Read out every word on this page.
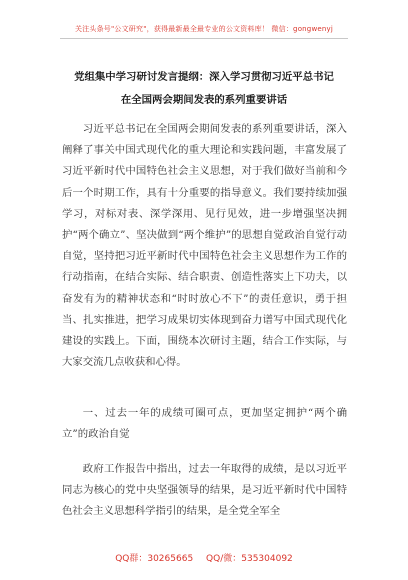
关注头条号"公文研究"，获得最新最全最专业的公文资料库！ 微信：gongwenyj
党组集中学习研讨发言提纲：深入学习贯彻习近平总书记
在全国两会期间发表的系列重要讲话

习近平总书记在全国两会期间发表的系列重要讲话，深入阐释了事关中国式现代化的重大理论和实践问题，丰富发展了习近平新时代中国特色社会主义思想，对于我们做好当前和今后一个时期工作，具有十分重要的指导意义。我们要持续加强学习，对标对表、深学深用、见行见效，进一步增强坚决拥护“两个确立”、坚决做到“两个维护”的思想自觉政治自觉行动自觉，坚持把习近平新时代中国特色社会主义思想作为工作的行动指南，在结合实际、结合职责、创造性落实上下功夫，以奋发有为的精神状态和“时时放心不下”的责任意识，勇于担当、扎实推进，把学习成果切实体现到奋力谱写中国式现代化建设的实践上。下面，围绕本次研讨主题，结合工作实际，与大家交流几点收获和心得。

一、过去一年的成绩可圈可点，更加坚定拥护“两个确立”的政治自觉

政府工作报告中指出，过去一年取得的成绩，是以习近平同志为核心的党中央坚强领导的结果，是习近平新时代中国特色社会主义思想科学指引的结果，是全党全军全

QQ群：30265665 QQ/微：535304092
